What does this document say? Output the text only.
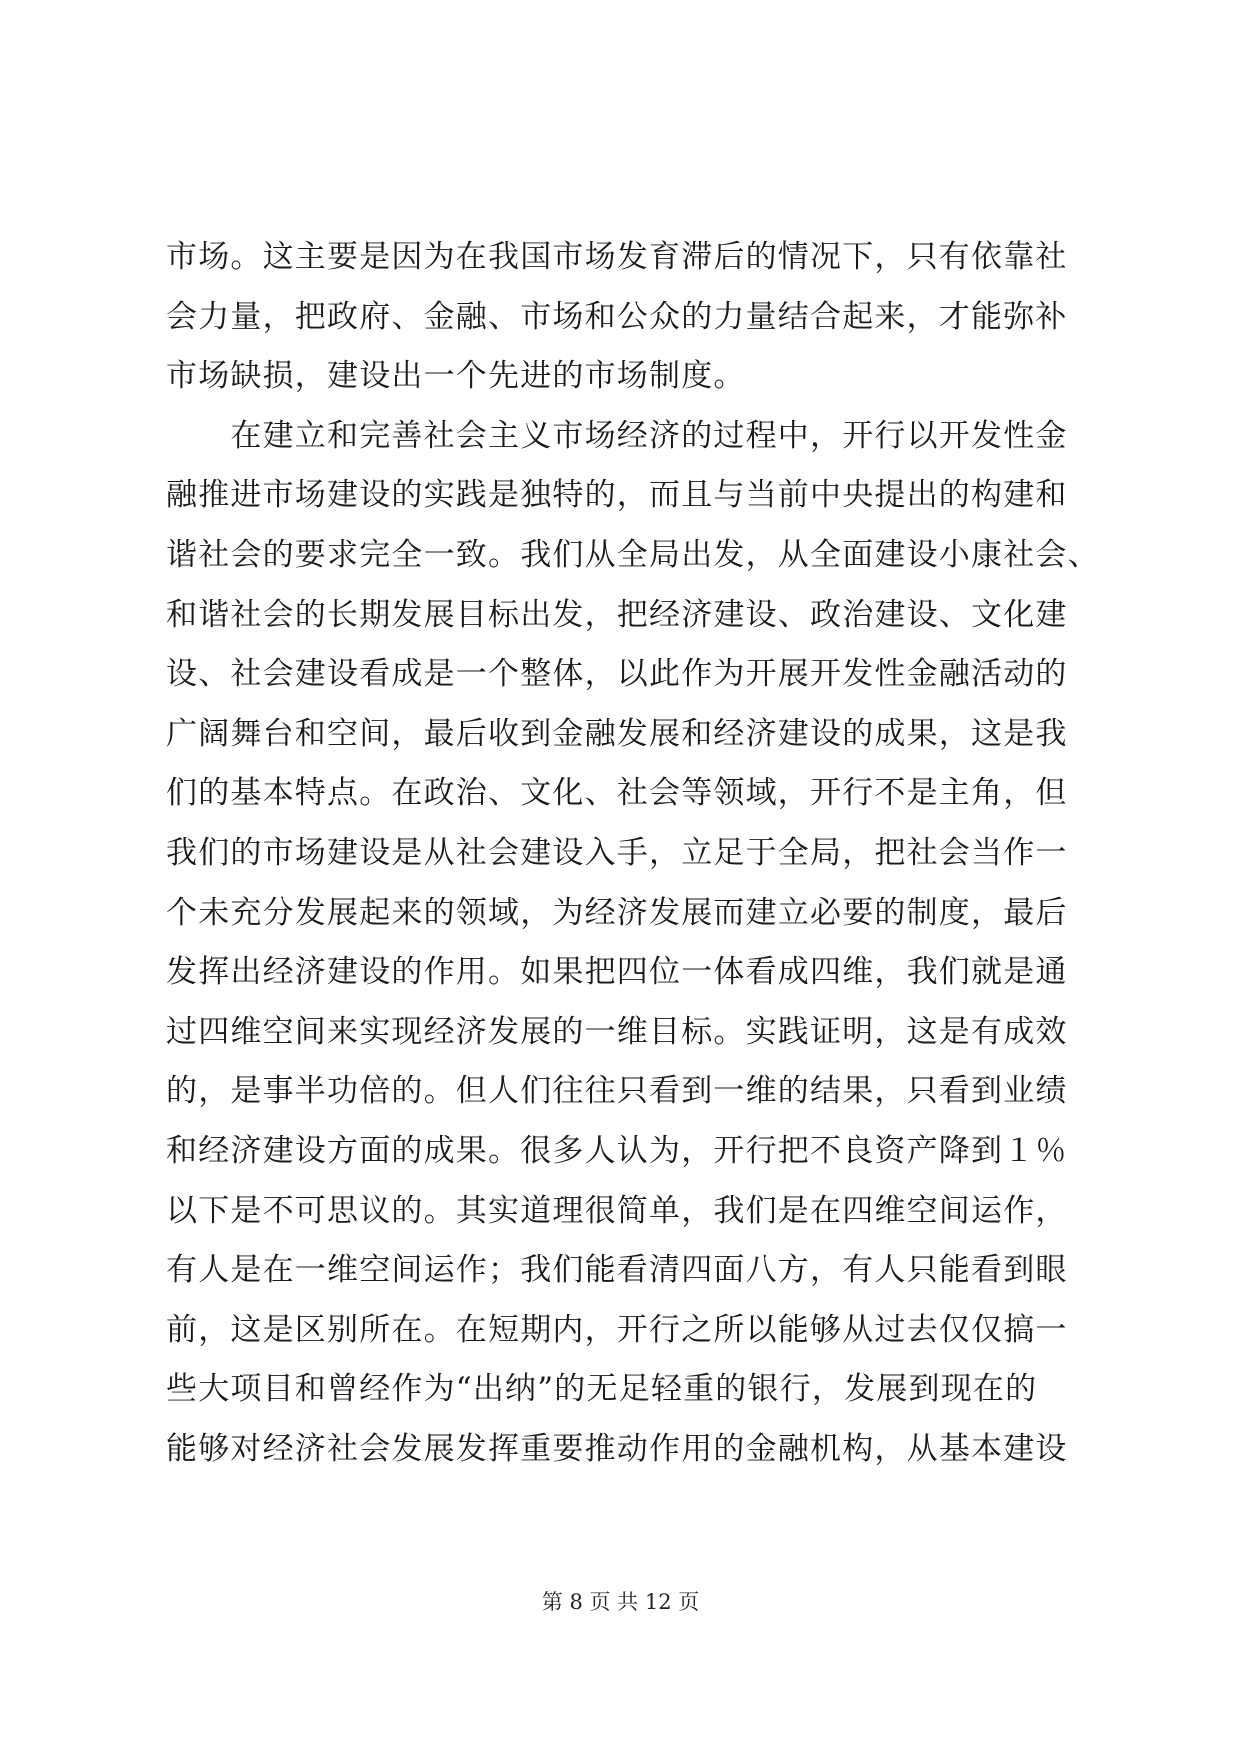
市场。这主要是因为在我国市场发育滞后的情况下，只有依靠社
会力量，把政府、金融、市场和公众的力量结合起来，才能弥补
市场缺损，建设出一个先进的市场制度。
　　在建立和完善社会主义市场经济的过程中，开行以开发性金
融推进市场建设的实践是独特的，而且与当前中央提出的构建和
谐社会的要求完全一致。我们从全局出发，从全面建设小康社会、
和谐社会的长期发展目标出发，把经济建设、政治建设、文化建
设、社会建设看成是一个整体，以此作为开展开发性金融活动的
广阔舞台和空间，最后收到金融发展和经济建设的成果，这是我
们的基本特点。在政治、文化、社会等领域，开行不是主角，但
我们的市场建设是从社会建设入手，立足于全局，把社会当作一
个未充分发展起来的领域，为经济发展而建立必要的制度，最后
发挥出经济建设的作用。如果把四位一体看成四维，我们就是通
过四维空间来实现经济发展的一维目标。实践证明，这是有成效
的，是事半功倍的。但人们往往只看到一维的结果，只看到业绩
和经济建设方面的成果。很多人认为，开行把不良资产降到１％
以下是不可思议的。其实道理很简单，我们是在四维空间运作，
有人是在一维空间运作；我们能看清四面八方，有人只能看到眼
前，这是区别所在。在短期内，开行之所以能够从过去仅仅搞一
些大项目和曾经作为“出纳”的无足轻重的银行，发展到现在的
能够对经济社会发展发挥重要推动作用的金融机构，从基本建设
第 8 页 共 12 页
